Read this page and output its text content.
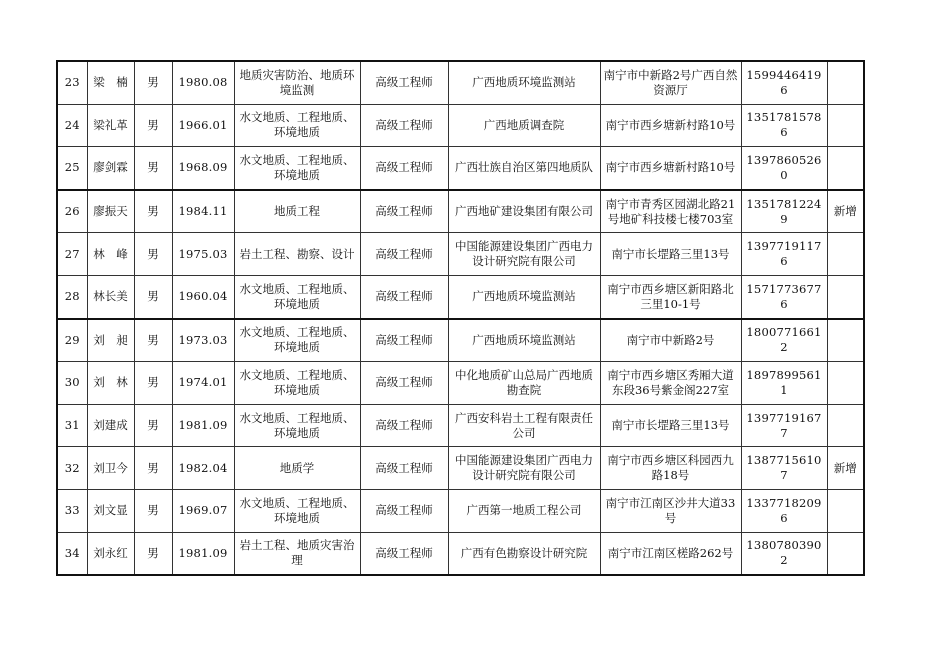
23	梁　楠	男	1980.08	地质灾害防治、地质环境监测	高级工程师	广西地质环境监测站	南宁市中新路2号广西自然资源厅	15994464196	
24	梁礼革	男	1966.01	水文地质、工程地质、环境地质	高级工程师	广西地质调查院	南宁市西乡塘新村路10号	13517815786	
25	廖剑霖	男	1968.09	水文地质、工程地质、环境地质	高级工程师	广西壮族自治区第四地质队	南宁市西乡塘新村路10号	13978605260	
26	廖振天	男	1984.11	地质工程	高级工程师	广西地矿建设集团有限公司	南宁市青秀区园湖北路21号地矿科技楼七楼703室	13517812249	新增
27	林　峰	男	1975.03	岩土工程、勘察、设计	高级工程师	中国能源建设集团广西电力设计研究院有限公司	南宁市长堽路三里13号	13977191176	
28	林长美	男	1960.04	水文地质、工程地质、环境地质	高级工程师	广西地质环境监测站	南宁市西乡塘区新阳路北三里10-1号	15717736776	
29	刘　昶	男	1973.03	水文地质、工程地质、环境地质	高级工程师	广西地质环境监测站	南宁市中新路2号	18007716612	
30	刘　林	男	1974.01	水文地质、工程地质、环境地质	高级工程师	中化地质矿山总局广西地质勘查院	南宁市西乡塘区秀厢大道东段36号紫金阁227室	18978995611	
31	刘建成	男	1981.09	水文地质、工程地质、环境地质	高级工程师	广西安科岩土工程有限责任公司	南宁市长堽路三里13号	13977191677	
32	刘卫今	男	1982.04	地质学	高级工程师	中国能源建设集团广西电力设计研究院有限公司	南宁市西乡塘区科园西九路18号	13877156107	新增
33	刘文显	男	1969.07	水文地质、工程地质、环境地质	高级工程师	广西第一地质工程公司	南宁市江南区沙井大道33号	13377182096	
34	刘永红	男	1981.09	岩土工程、地质灾害治理	高级工程师	广西有色勘察设计研究院	南宁市江南区槎路262号	13807803902	
